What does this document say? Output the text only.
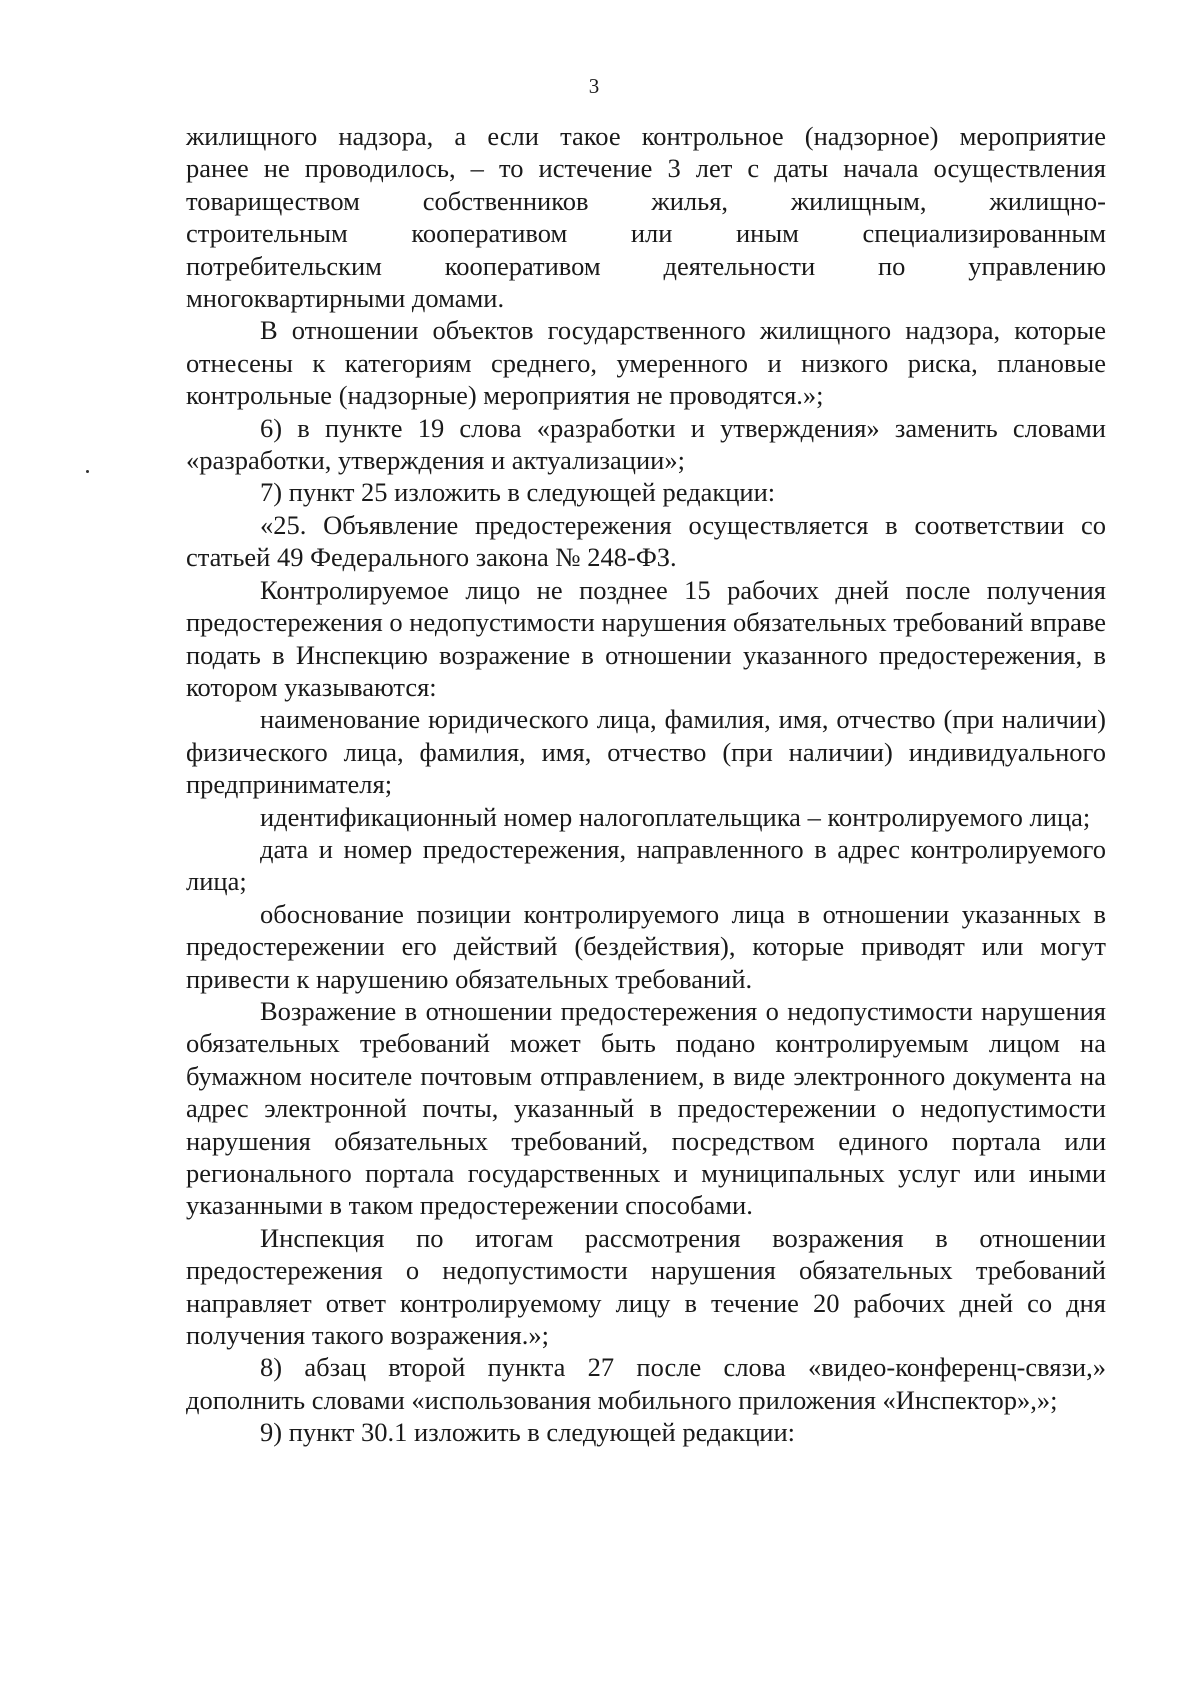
3

жилищного надзора, а если такое контрольное (надзорное) мероприятие
ранее не проводилось, – то истечение 3 лет с даты начала осуществления
товариществом собственников жилья, жилищным, жилищно-
строительным кооперативом или иным специализированным
потребительским кооперативом деятельности по управлению
многоквартирными домами.

В отношении объектов государственного жилищного надзора, которые отнесены к категориям среднего, умеренного и низкого риска, плановые контрольные (надзорные) мероприятия не проводятся.»;

6) в пункте 19 слова «разработки и утверждения» заменить словами «разработки, утверждения и актуализации»;

7) пункт 25 изложить в следующей редакции:

«25. Объявление предостережения осуществляется в соответствии со статьей 49 Федерального закона № 248-ФЗ.

Контролируемое лицо не позднее 15 рабочих дней после получения предостережения о недопустимости нарушения обязательных требований вправе подать в Инспекцию возражение в отношении указанного предостережения, в котором указываются:

наименование юридического лица, фамилия, имя, отчество (при наличии) физического лица, фамилия, имя, отчество (при наличии) индивидуального предпринимателя;

идентификационный номер налогоплательщика – контролируемого лица;

дата и номер предостережения, направленного в адрес контролируемого лица;

обоснование позиции контролируемого лица в отношении указанных в предостережении его действий (бездействия), которые приводят или могут привести к нарушению обязательных требований.

Возражение в отношении предостережения о недопустимости нарушения обязательных требований может быть подано контролируемым лицом на бумажном носителе почтовым отправлением, в виде электронного документа на адрес электронной почты, указанный в предостережении о недопустимости нарушения обязательных требований, посредством единого портала или регионального портала государственных и муниципальных услуг или иными указанными в таком предостережении способами.

Инспекция по итогам рассмотрения возражения в отношении предостережения о недопустимости нарушения обязательных требований направляет ответ контролируемому лицу в течение 20 рабочих дней со дня получения такого возражения.»;

8) абзац второй пункта 27 после слова «видео-конференц-связи,» дополнить словами «использования мобильного приложения «Инспектор»,»;

9) пункт 30.1 изложить в следующей редакции:
